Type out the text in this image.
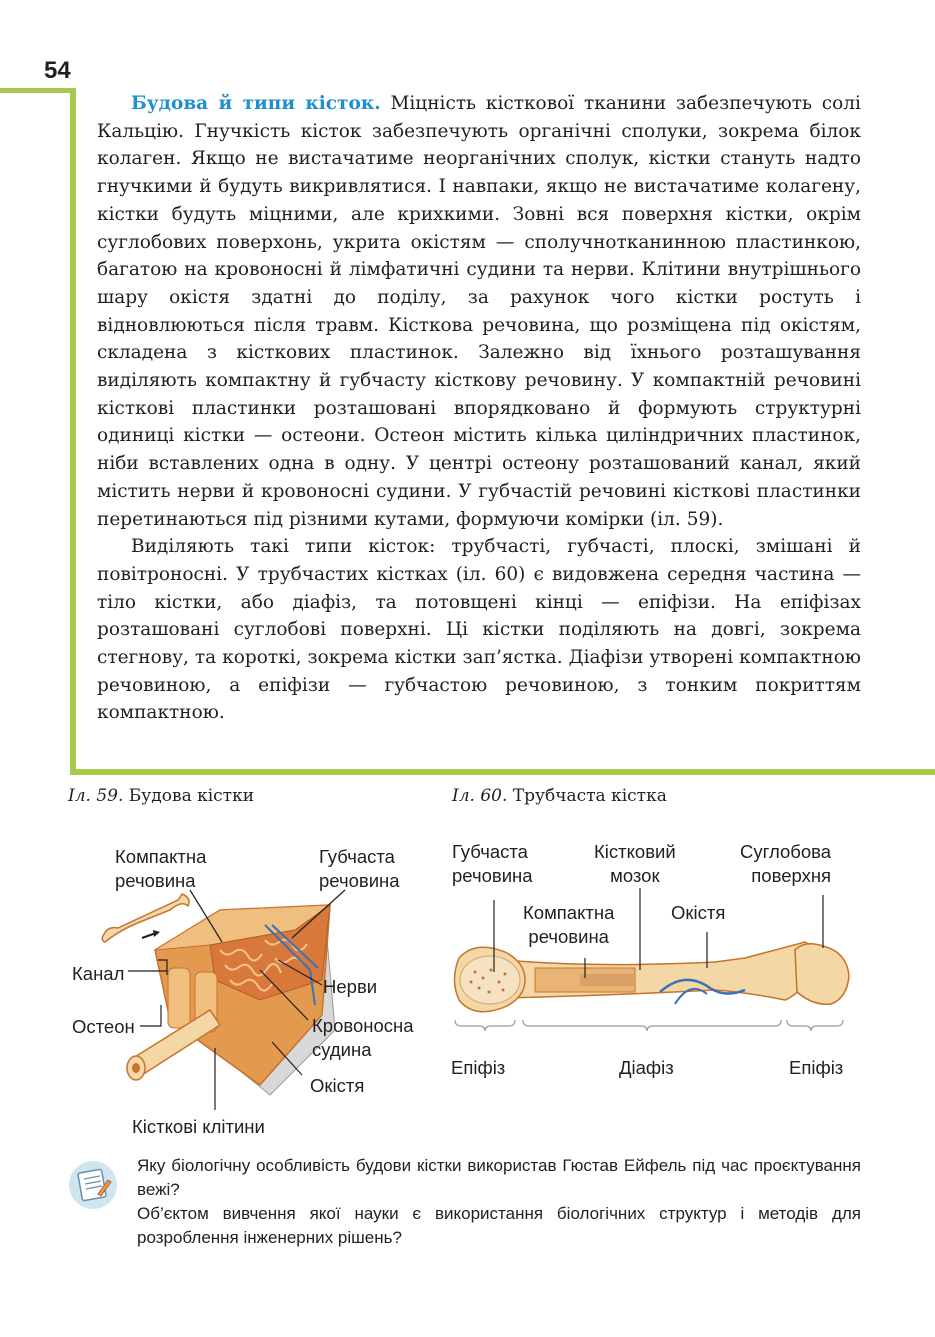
54

Будова й типи кісток. Міцність кісткової тканини забезпечують солі Кальцію. Гнучкість кісток забезпечують органічні сполуки, зокрема білок колаген. Якщо не вистачатиме неорганічних сполук, кістки стануть надто гнучкими й будуть викривлятися. І навпаки, якщо не вистачатиме колагену, кістки будуть міцними, але крихкими. Зовні вся поверхня кістки, окрім суглобових поверхонь, укрита окістям — сполучнотканинною пластинкою, багатою на кровоносні й лімфатичні судини та нерви. Клітини внутрішнього шару окістя здатні до поділу, за рахунок чого кістки ростуть і відновлюються після травм. Кісткова речовина, що розміщена під окістям, складена з кісткових пластинок. Залежно від їхнього розташування виділяють компактну й губчасту кісткову речовину. У компактній речовині кісткові пластинки розташовані впорядковано й формують структурні одиниці кістки — остеони. Остеон містить кілька циліндричних пластинок, ніби вставлених одна в одну. У центрі остеону розташований канал, який містить нерви й кровоносні судини. У губчастій речовині кісткові пластинки перетинаються під різними кутами, формуючи комірки (іл. 59).

Виділяють такі типи кісток: трубчасті, губчасті, плоскі, змішані й повітроносні. У трубчастих кістках (іл. 60) є видовжена середня частина — тіло кістки, або діафіз, та потовщені кінці — епіфізи. На епіфізах розташовані суглобові поверхні. Ці кістки поділяють на довгі, зокрема стегнову, та короткі, зокрема кістки зап’ястка. Діафізи утворені компактною речовиною, а епіфізи — губчастою речовиною, з тонким покриттям компактною.

Іл. 59. Будова кістки
Компактна
речовина
Губчаста
речовина
Канал
Остеон
Нерви
Кровоносна
судина
Окістя
Кісткові клітини
Іл. 60. Трубчаста кістка
Губчаста
речовина
Кістковий
мозок
Суглобова
поверхня
Компактна
речовина
Окістя
Епіфіз	Діафіз	Епіфіз

Яку біологічну особливість будови кістки використав Гюстав Ейфель під час проєктування вежі?

Об’єктом вивчення якої науки є використання біологічних структур і методів для розроблення інженерних рішень?
